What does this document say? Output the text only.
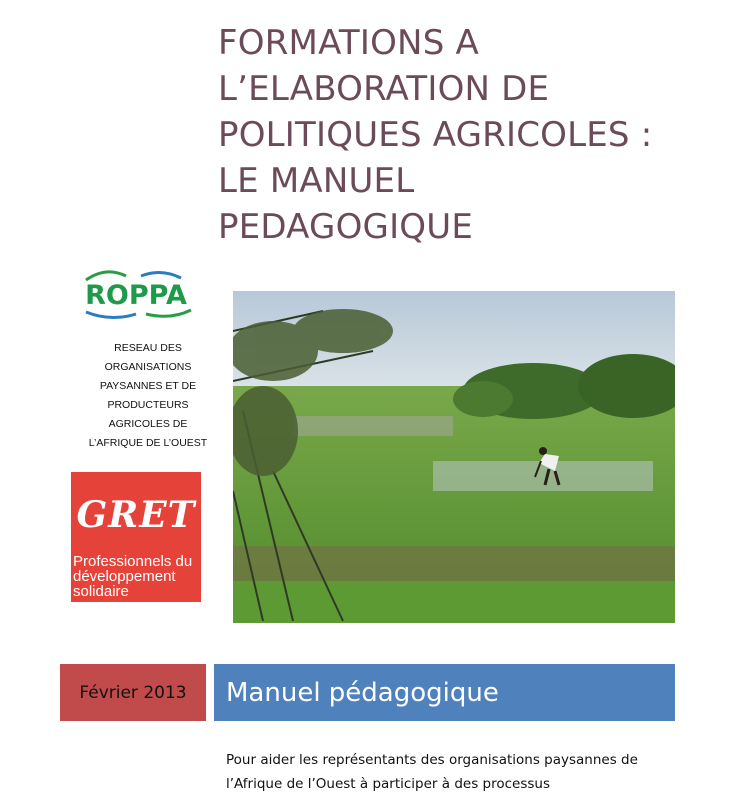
FORMATIONS A
L’ELABORATION DE
POLITIQUES AGRICOLES :
LE MANUEL
PEDAGOGIQUE
ROPPA
RESEAU DES
ORGANISATIONS
PAYSANNES ET DE
PRODUCTEURS
AGRICOLES DE
L’AFRIQUE DE L’OUEST
GRET
Professionnels du
développement
solidaire
Février 2013	Manuel pédagogique
Pour aider les représentants des organisations paysannes de
l’Afrique de l’Ouest à participer à des processus
